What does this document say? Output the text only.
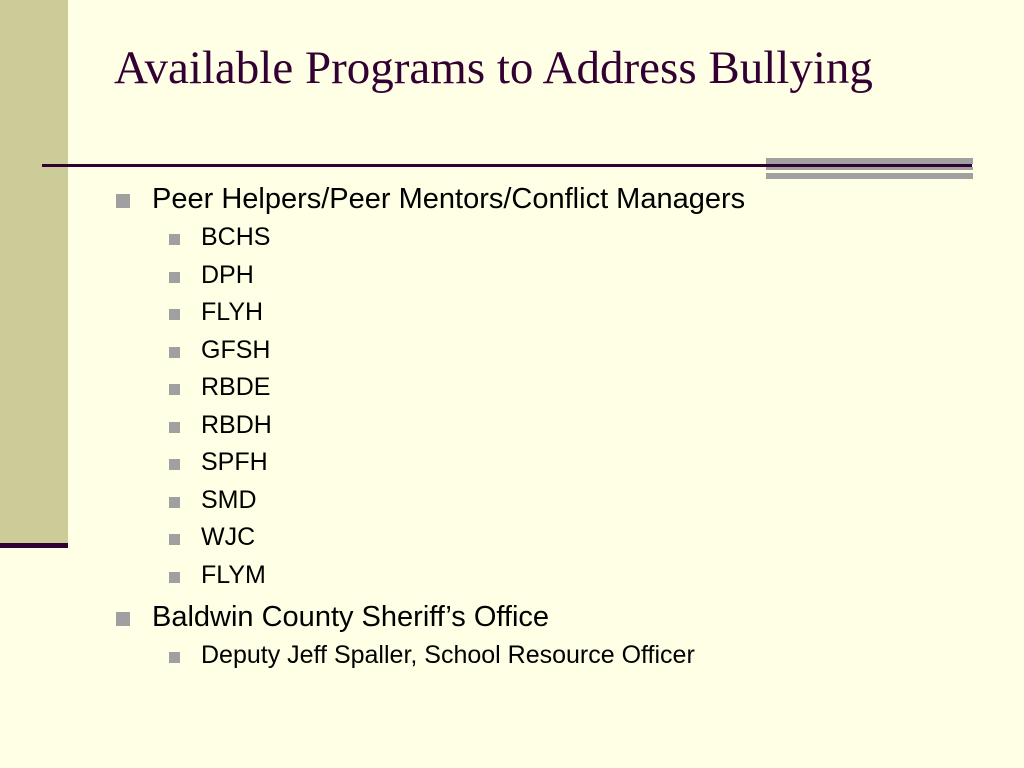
Available Programs to Address Bullying
Peer Helpers/Peer Mentors/Conflict Managers
BCHS
DPH
FLYH
GFSH
RBDE
RBDH
SPFH
SMD
WJC
FLYM
Baldwin County Sheriff’s Office
Deputy Jeff Spaller, School Resource Officer
